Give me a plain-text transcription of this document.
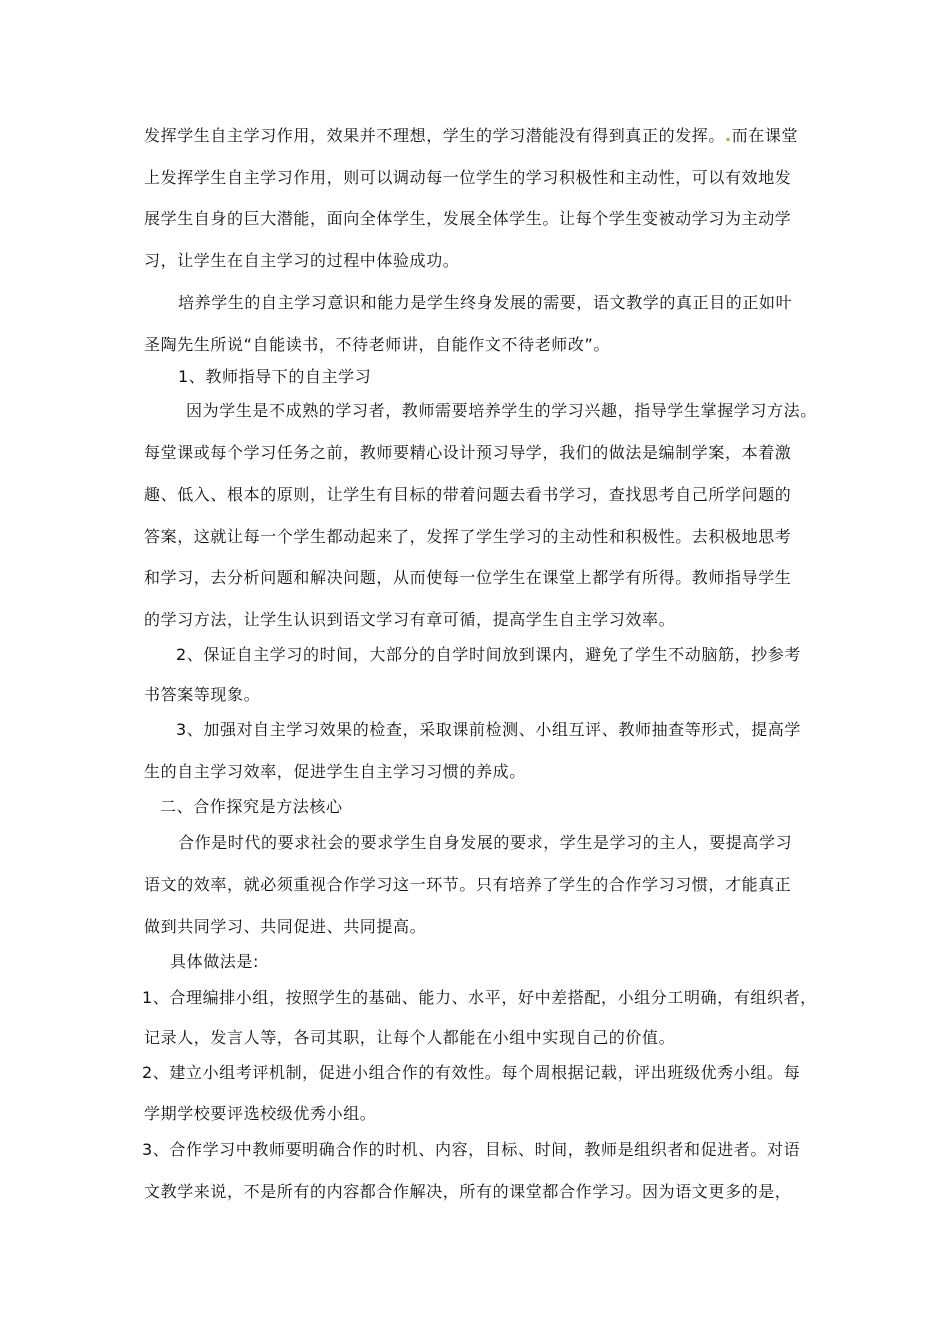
发挥学生自主学习作用，效果并不理想，学生的学习潜能没有得到真正的发挥。.而在课堂
上发挥学生自主学习作用，则可以调动每一位学生的学习积极性和主动性，可以有效地发
展学生自身的巨大潜能，面向全体学生，发展全体学生。让每个学生变被动学习为主动学
习，让学生在自主学习的过程中体验成功。
培养学生的自主学习意识和能力是学生终身发展的需要，语文教学的真正目的正如叶
圣陶先生所说“自能读书，不待老师讲，自能作文不待老师改”。
1、教师指导下的自主学习
因为学生是不成熟的学习者，教师需要培养学生的学习兴趣，指导学生掌握学习方法。
每堂课或每个学习任务之前，教师要精心设计预习导学，我们的做法是编制学案，本着激
趣、低入、根本的原则，让学生有目标的带着问题去看书学习，查找思考自己所学问题的
答案，这就让每一个学生都动起来了，发挥了学生学习的主动性和积极性。去积极地思考
和学习，去分析问题和解决问题，从而使每一位学生在课堂上都学有所得。教师指导学生
的学习方法，让学生认识到语文学习有章可循，提高学生自主学习效率。
2、保证自主学习的时间，大部分的自学时间放到课内，避免了学生不动脑筋，抄参考
书答案等现象。
3、加强对自主学习效果的检查，采取课前检测、小组互评、教师抽查等形式，提高学
生的自主学习效率，促进学生自主学习习惯的养成。
二、合作探究是方法核心
合作是时代的要求社会的要求学生自身发展的要求，学生是学习的主人，要提高学习
语文的效率，就必须重视合作学习这一环节。只有培养了学生的合作学习习惯，才能真正
做到共同学习、共同促进、共同提高。
具体做法是:
1、合理编排小组，按照学生的基础、能力、水平，好中差搭配，小组分工明确，有组织者，
记录人，发言人等，各司其职，让每个人都能在小组中实现自己的价值。
2、建立小组考评机制，促进小组合作的有效性。每个周根据记载，评出班级优秀小组。每
学期学校要评选校级优秀小组。
3、合作学习中教师要明确合作的时机、内容，目标、时间，教师是组织者和促进者。对语
文教学来说，不是所有的内容都合作解决，所有的课堂都合作学习。因为语文更多的是，
